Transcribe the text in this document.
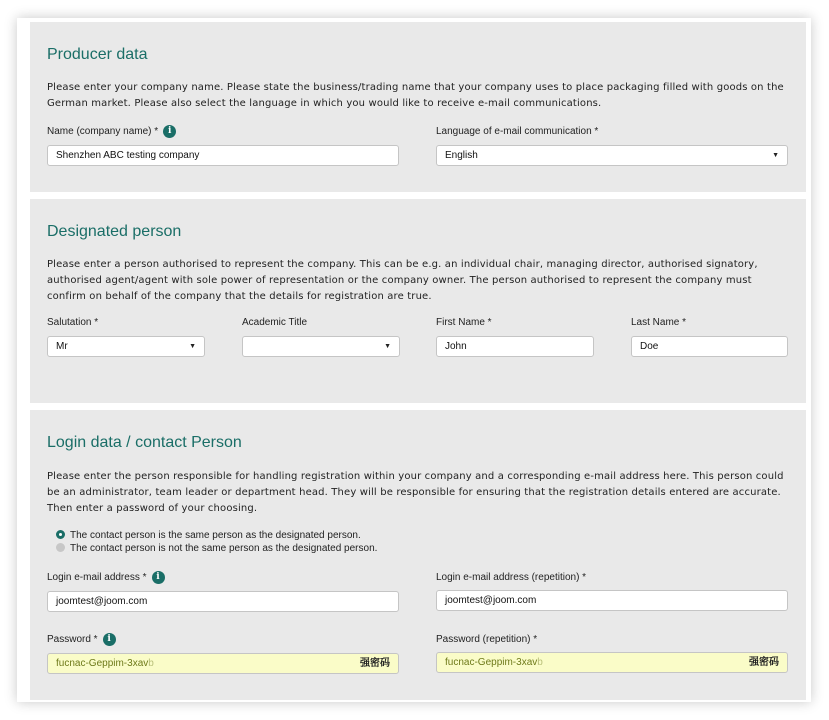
Producer data
Please enter your company name. Please state the business/trading name that your company uses to place packaging filled with goods on the German market. Please also select the language in which you would like to receive e-mail communications.
Name (company name) * i
Shenzhen ABC testing company
Language of e-mail communication *
English	▼
Designated person
Please enter a person authorised to represent the company. This can be e.g. an individual chair, managing director, authorised signatory, authorised agent/agent with sole power of representation or the company owner. The person authorised to represent the company must confirm on behalf of the company that the details for registration are true.
Salutation *
Mr	▼
Academic Title
▼
First Name *
John
Last Name *
Doe
Login data / contact Person
Please enter the person responsible for handling registration within your company and a corresponding e-mail address here. This person could be an administrator, team leader or department head. They will be responsible for ensuring that the registration details entered are accurate. Then enter a password of your choosing.
The contact person is the same person as the designated person.
The contact person is not the same person as the designated person.
Login e-mail address * i
joomtest@joom.com
Login e-mail address (repetition) *
joomtest@joom.com
Password * i
fucnac-Geppim-3xavb	强密码
Password (repetition) *
fucnac-Geppim-3xavb	强密码
